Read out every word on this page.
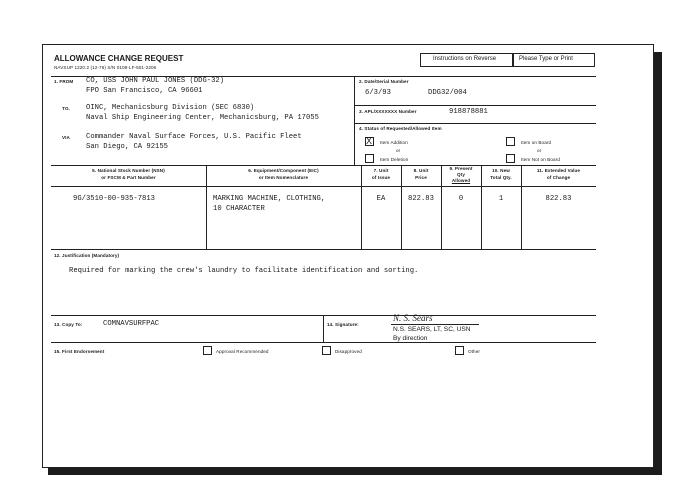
ALLOWANCE CHANGE REQUEST
NAVSUP 1220.2 (12-76) S/N 0108-LF-501-2206
Instructions on Reverse	Please Type or Print
1. FROM CO, USS JOHN PAUL JONES (DDG-32)
FPO San Francisco, CA 96601
TO. OINC, Mechanicsburg Division (SEC 6830)
Naval Ship Engineering Center, Mechanicsburg, PA 17055
VIA Commander Naval Surface Forces, U.S. Pacific Fleet
San Diego, CA 92155
2. Date/Serial Number
6/3/93	DDG32/004
3. APL/XXXXXXX Number	918878881
4. Status of Requested/Allowed Item
X Item Addition
or
Item Deletion
Item on Board
or
Item Not on Board
5. National Stock Number (NSN)
or FSCM & Part Number
6. Equipment/Component (EIC)
or Item Nomenclature
7. Unit
of Issue
8. Unit
Price
9. Present
Qty
Allowed
10. New
Total Qty.
11. Extended Value
of Change
9G/3510-00-935-7813	MARKING MACHINE, CLOTHING,
10 CHARACTER
EA	822.83	0	1	822.83
12. Justification (Mandatory)
Required for marking the crew's laundry to facilitate identification and sorting.
13. Copy To:	COMNAVSURFPAC	14. Signature:
N. S. Sears
N.S. SEARS, LT, SC, USN
By direction
15. First Endorsement	Approval Recommended	Disapproved	Other
